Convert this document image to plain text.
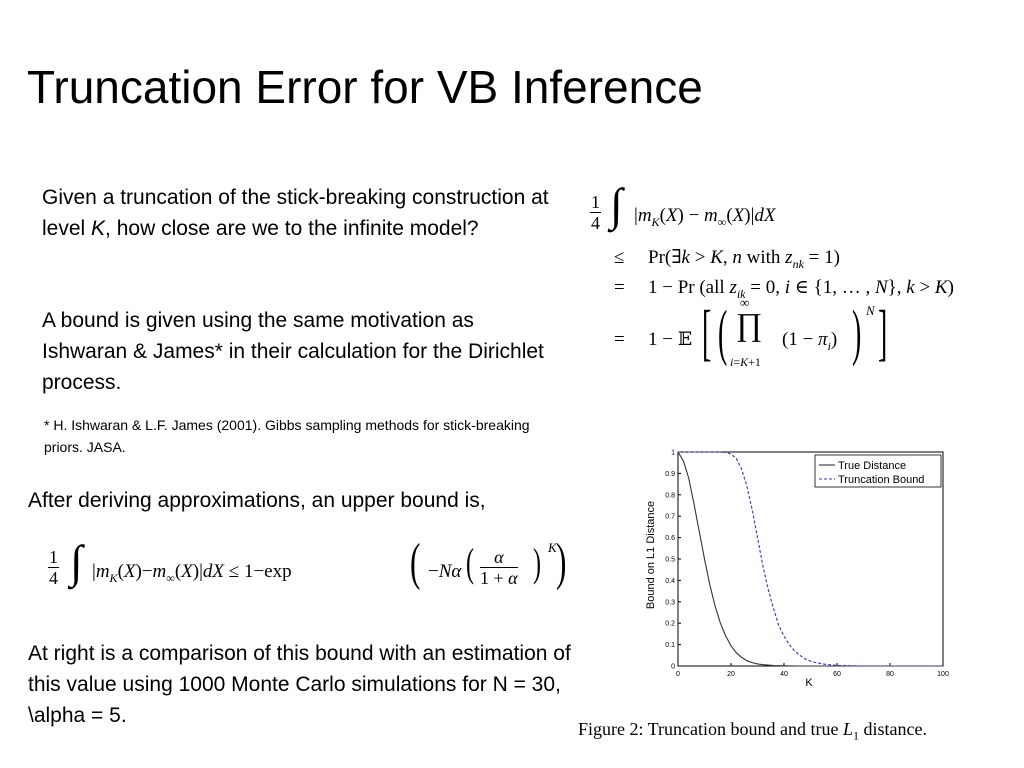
Truncation Error for VB Inference

Given a truncation of the stick-breaking construction at level K, how close are we to the infinite model?

A bound is given using the same motivation as Ishwaran & James* in their calculation for the Dirichlet process.

* H. Ishwaran & L.F. James (2001). Gibbs sampling methods for stick-breaking priors. JASA.

After deriving approximations, an upper bound is,

$\frac{1}{4}$ ∫ $|m_K(X)-m_\infty(X)|dX \le 1-\exp$ ( −Nα ( $\frac{\alpha}{1 + \alpha}$ ) K )

At right is a comparison of this bound with an estimation of this value using 1000 Monte Carlo simulations for N = 30, \alpha = 5.

$\frac{1}{4}$ ∫ $|m_K(X) - m_\infty(X)|dX$
≤ Pr(∃k > K, n with $z_{nk} = 1$)
= 1 − Pr (all $z_{ik} = 0$, i ∈ {1, … , N}, k > K)
= 1 − 𝔼 [ ( ∞
∏
i=K+1
$(1 - \pi_i)$ ) N ]
Bound on L1 Distance
K
0	20	40	60	80	100
0
0.1
0.2
0.3
0.4
0.5
0.6
0.7
0.8
0.9
1
True Distance
Truncation Bound

Figure 2: Truncation bound and true $L_1$ distance.
